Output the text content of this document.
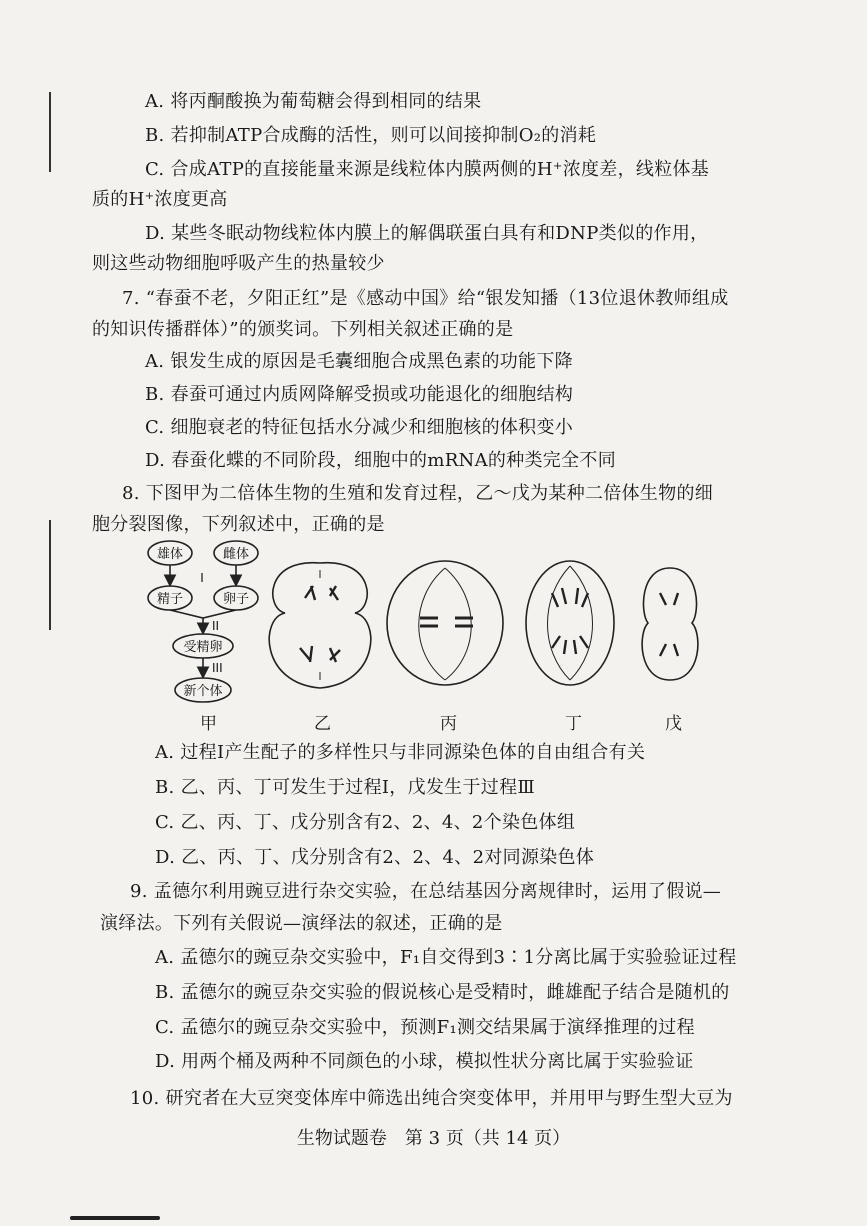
A. 将丙酮酸换为葡萄糖会得到相同的结果
B. 若抑制ATP合成酶的活性，则可以间接抑制O₂的消耗
C. 合成ATP的直接能量来源是线粒体内膜两侧的H⁺浓度差，线粒体基
质的H⁺浓度更高
D. 某些冬眠动物线粒体内膜上的解偶联蛋白具有和DNP类似的作用，
则这些动物细胞呼吸产生的热量较少
7. “春蚕不老，夕阳正红”是《感动中国》给“银发知播（13位退休教师组成
的知识传播群体）”的颁奖词。下列相关叙述正确的是
A. 银发生成的原因是毛囊细胞合成黑色素的功能下降
B. 春蚕可通过内质网降解受损或功能退化的细胞结构
C. 细胞衰老的特征包括水分减少和细胞核的体积变小
D. 春蚕化蝶的不同阶段，细胞中的mRNA的种类完全不同
8. 下图甲为二倍体生物的生殖和发育过程，乙～戊为某种二倍体生物的细
胞分裂图像，下列叙述中，正确的是
雄体	雌体
精子	卵子
受精卵
新个体
I
II
III
甲	乙	丙	丁	戊
A. 过程Ⅰ产生配子的多样性只与非同源染色体的自由组合有关
B. 乙、丙、丁可发生于过程Ⅰ，戊发生于过程Ⅲ
C. 乙、丙、丁、戊分别含有2、2、4、2个染色体组
D. 乙、丙、丁、戊分别含有2、2、4、2对同源染色体
9. 孟德尔利用豌豆进行杂交实验，在总结基因分离规律时，运用了假说—
演绎法。下列有关假说—演绎法的叙述，正确的是
A. 孟德尔的豌豆杂交实验中，F₁自交得到3∶1分离比属于实验验证过程
B. 孟德尔的豌豆杂交实验的假说核心是受精时，雌雄配子结合是随机的
C. 孟德尔的豌豆杂交实验中，预测F₁测交结果属于演绎推理的过程
D. 用两个桶及两种不同颜色的小球，模拟性状分离比属于实验验证
10. 研究者在大豆突变体库中筛选出纯合突变体甲，并用甲与野生型大豆为
生物试题卷　第 3 页（共 14 页）
